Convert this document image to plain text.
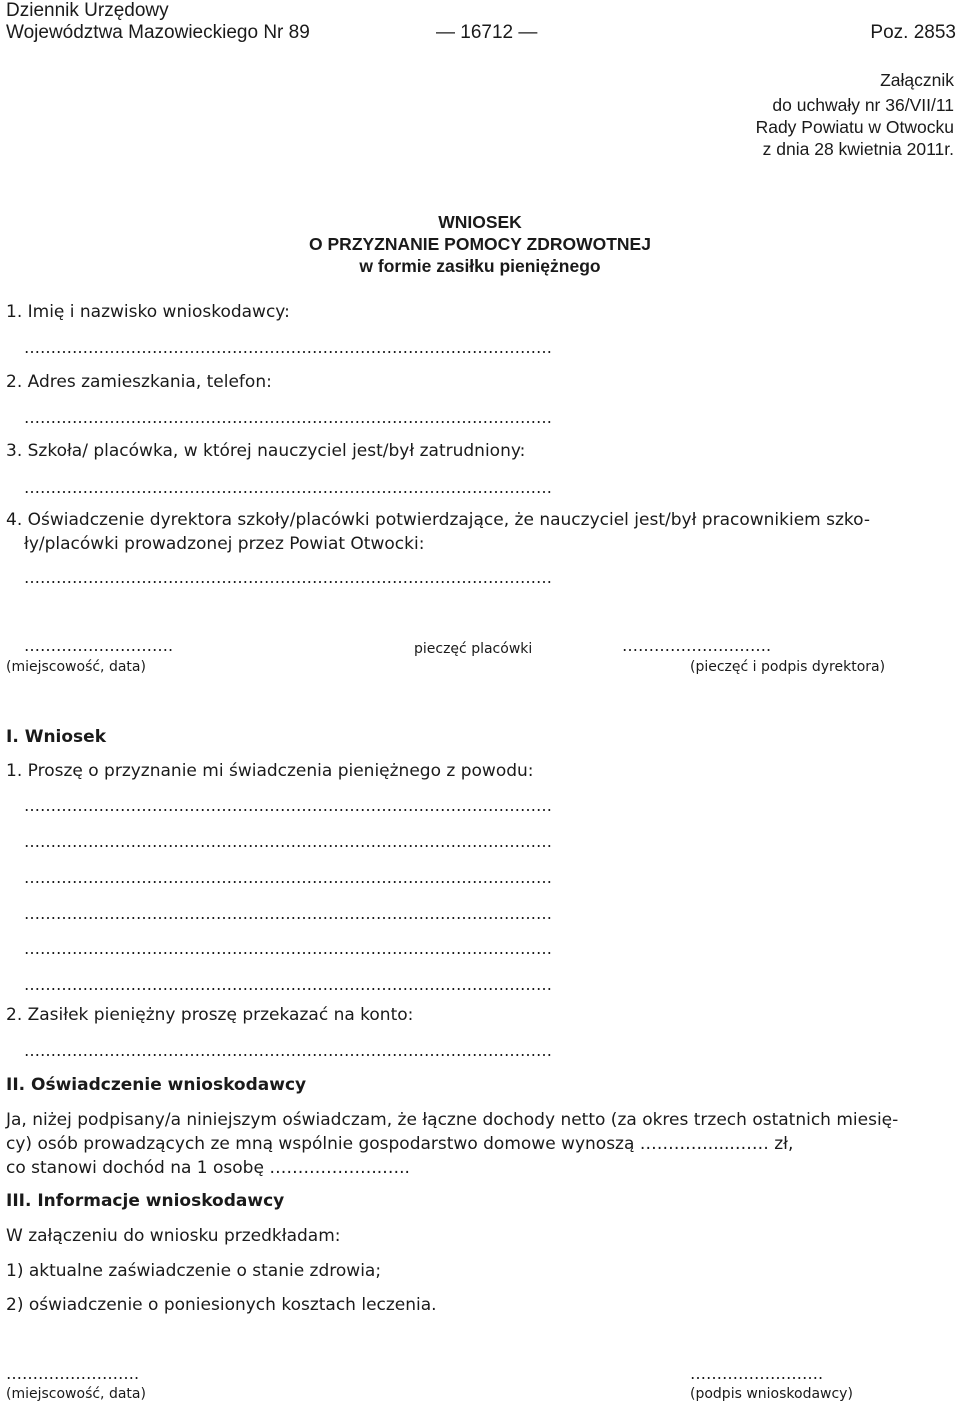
Dziennik Urzędowy
Województwa Mazowieckiego Nr 89	— 16712 —	Poz. 2853
Załącznik
do uchwały nr 36/VII/11
Rady Powiatu w Otwocku
z dnia 28 kwietnia 2011r.
WNIOSEK
O PRZYZNANIE POMOCY ZDROWOTNEJ
w formie zasiłku pieniężnego
1. Imię i nazwisko wnioskodawcy:
………………………………………………………………………………………
2. Adres zamieszkania, telefon:
………………………………………………………………………………………
3. Szkoła/ placówka, w której nauczyciel jest/był zatrudniony:
………………………………………………………………………………………
4. Oświadczenie dyrektora szkoły/placówki potwierdzające, że nauczyciel jest/był pracownikiem szko-
ły/placówki prowadzonej przez Powiat Otwocki:
………………………………………………………………………………………
……………………….
(miejscowość, data)
pieczęć placówki	……………………….
(pieczęć i podpis dyrektora)
I. Wniosek
1. Proszę o przyznanie mi świadczenia pieniężnego z powodu:
………………………………………………………………………………………
………………………………………………………………………………………
………………………………………………………………………………………
………………………………………………………………………………………
………………………………………………………………………………………
………………………………………………………………………………………
2. Zasiłek pieniężny proszę przekazać na konto:
………………………………………………………………………………………
II. Oświadczenie wnioskodawcy
Ja, niżej podpisany/a niniejszym oświadczam, że łączne dochody netto (za okres trzech ostatnich miesię-
cy) osób prowadzących ze mną wspólnie gospodarstwo domowe wynoszą ………….....…… zł,
co stanowi dochód na 1 osobę ………………..…..
III. Informacje wnioskodawcy
W załączeniu do wniosku przedkładam:
1) aktualne zaświadczenie o stanie zdrowia;
2) oświadczenie o poniesionych kosztach leczenia.
…………………….
(miejscowość, data)
…………………….
(podpis wnioskodawcy)
